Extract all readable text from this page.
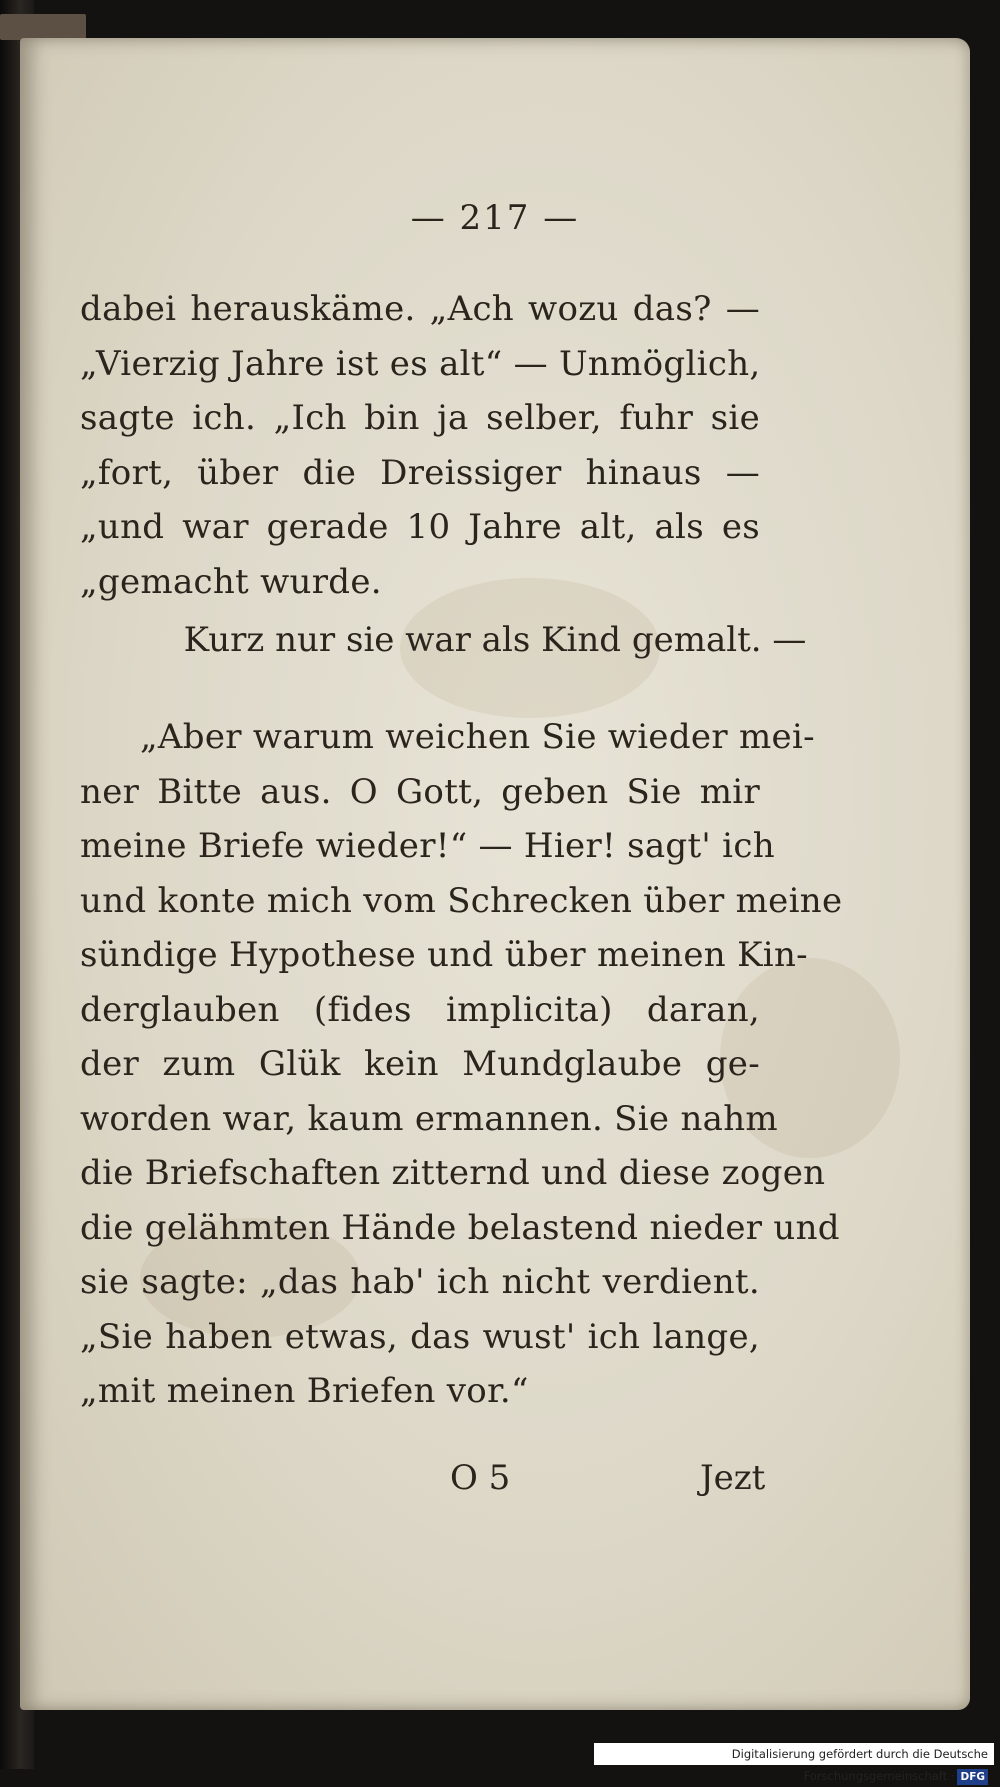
— 217 —
dabei herauskäme. „Ach wozu das? —
„Vierzig Jahre ist es alt“ — Unmöglich,
sagte ich. „Ich bin ja selber, fuhr sie
„fort, über die Dreissiger hinaus —
„und war gerade 10 Jahre alt, als es
„gemacht wurde.
Kurz nur sie war als Kind gemalt. —
„Aber warum weichen Sie wieder mei-
ner Bitte aus. O Gott, geben Sie mir
meine Briefe wieder!“ — Hier! sagt' ich
und konte mich vom Schrecken über meine
sündige Hypothese und über meinen Kin-
derglauben (fides implicita) daran,
der zum Glük kein Mundglaube ge-
worden war, kaum ermannen. Sie nahm
die Briefschaften zitternd und diese zogen
die gelähmten Hände belastend nieder und
sie sagte: „das hab' ich nicht verdient.
„Sie haben etwas, das wust' ich lange,
„mit meinen Briefen vor.“
O 5	Jezt
Digitalisierung gefördert durch die Deutsche Forschungsgemeinschaft · DFG
